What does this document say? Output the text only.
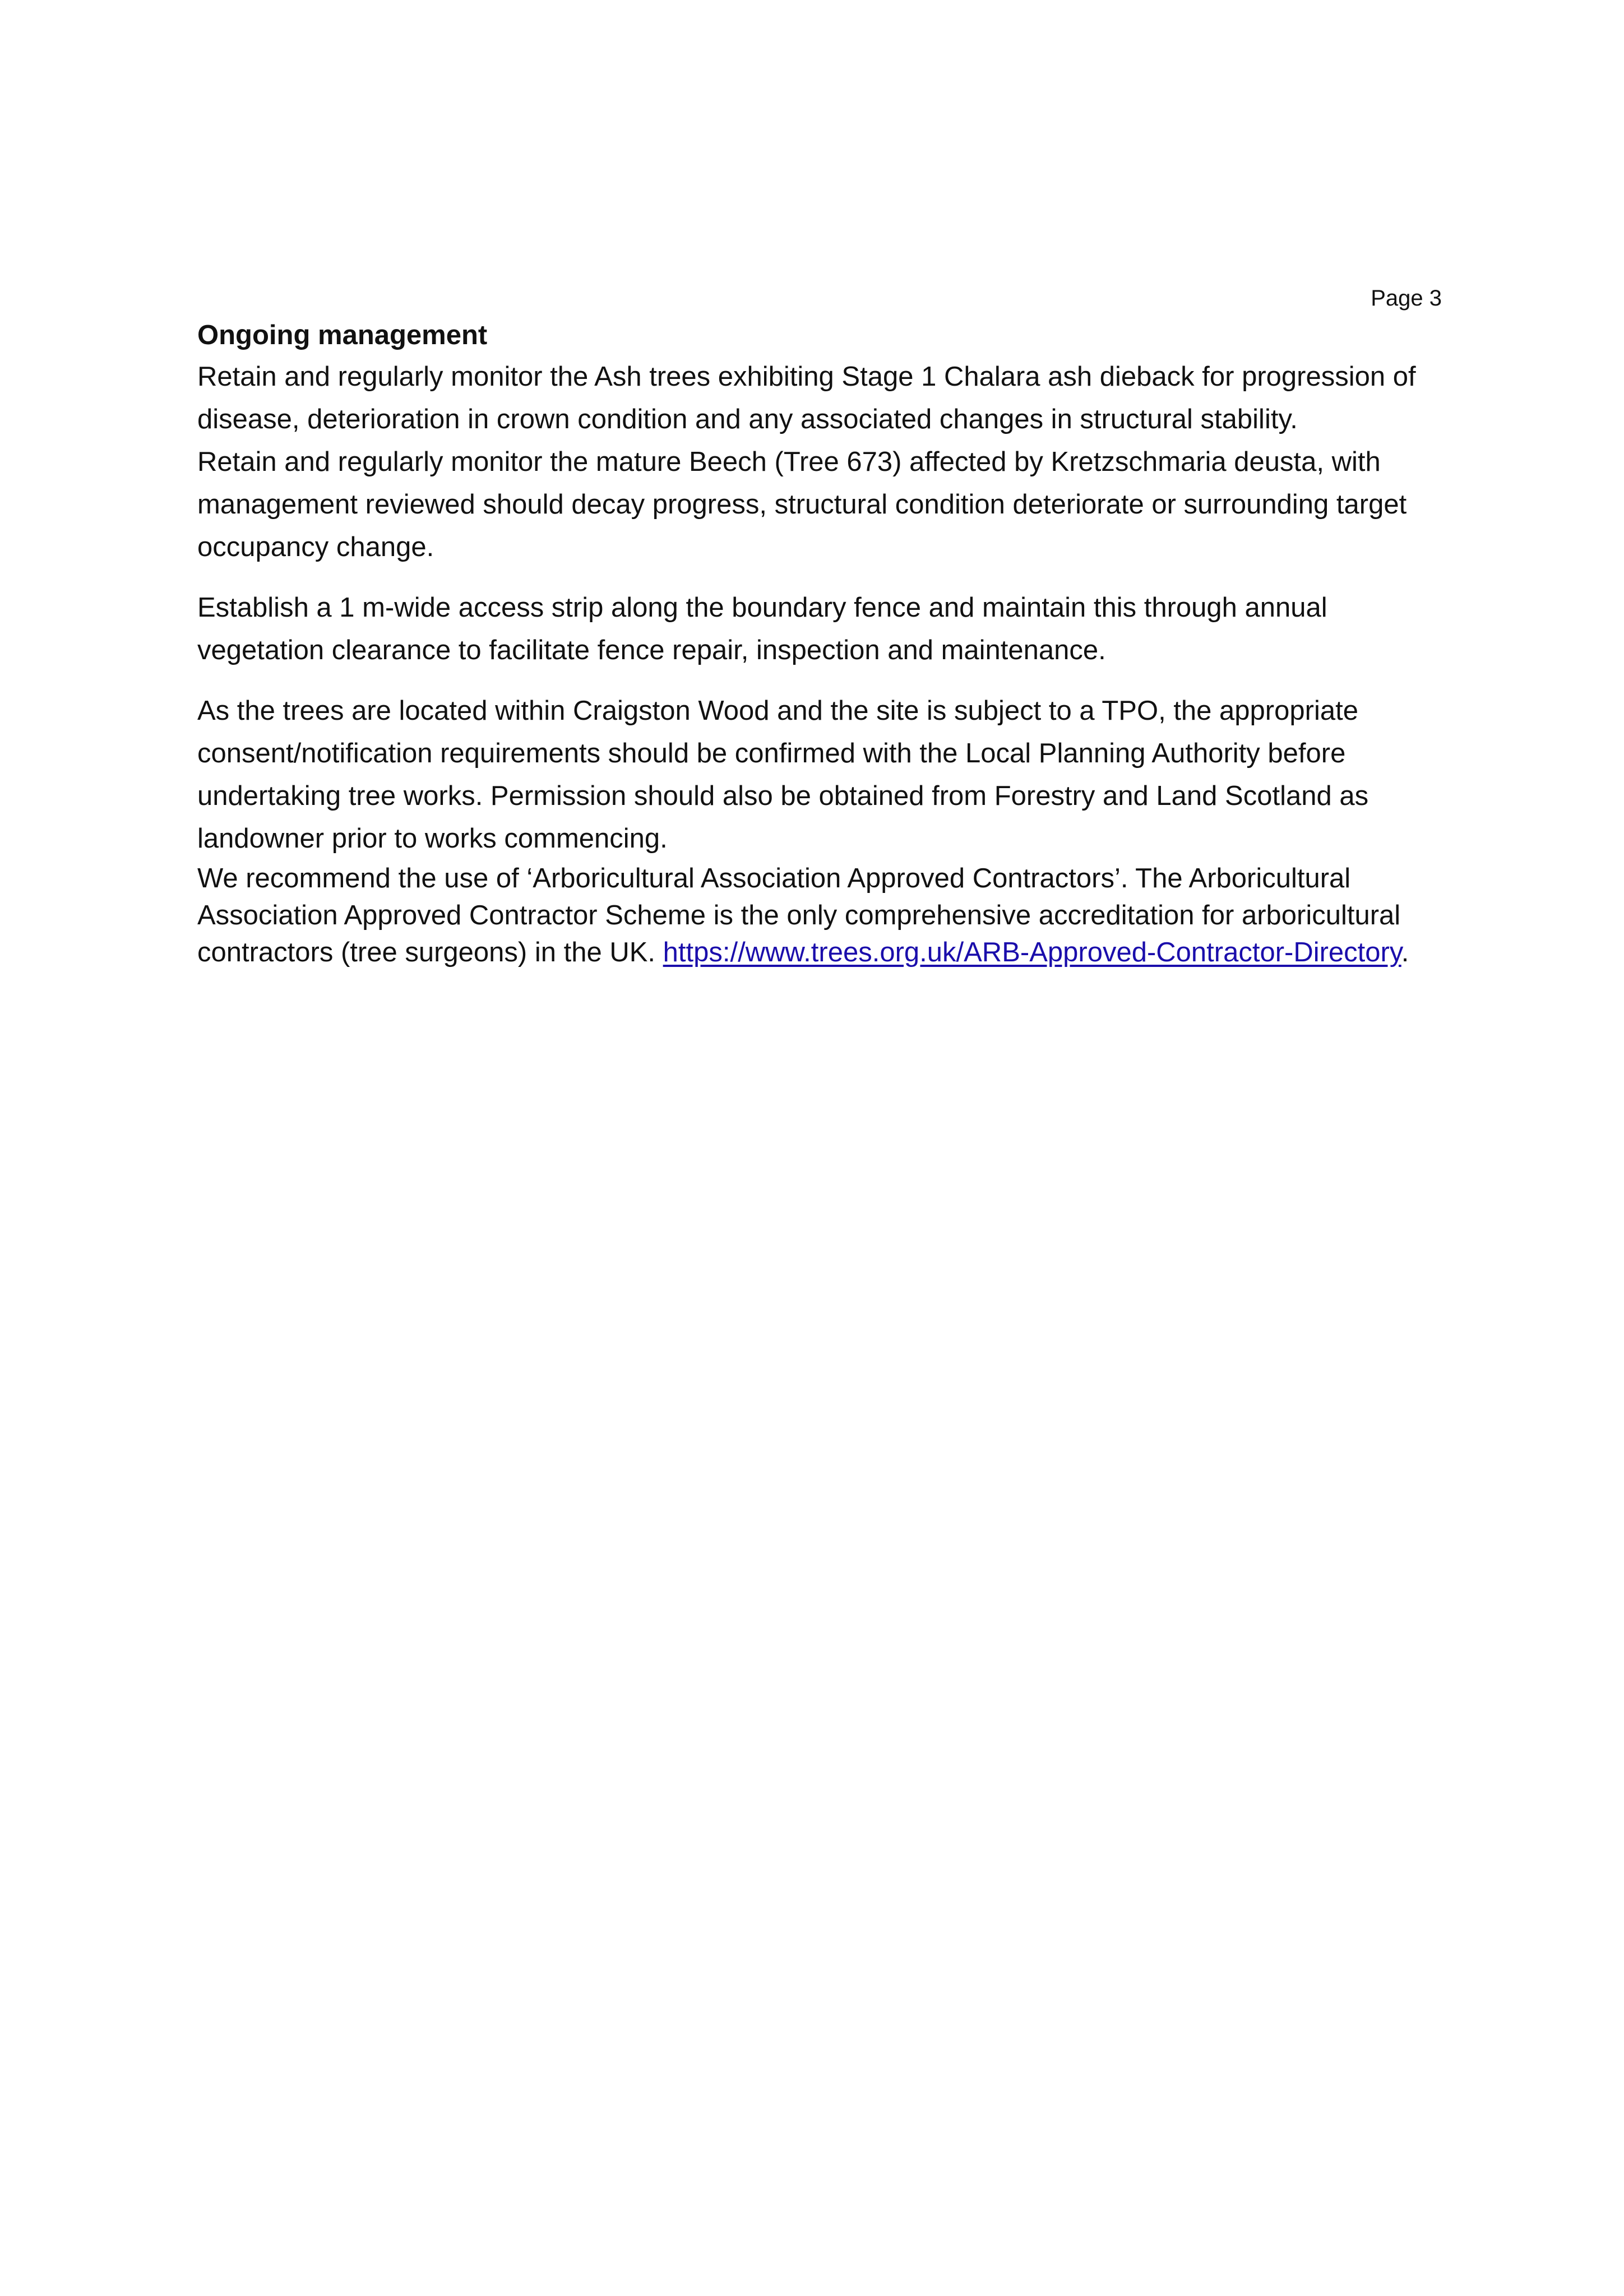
Page 3

Ongoing management

Retain and regularly monitor the Ash trees exhibiting Stage 1 Chalara ash dieback for progression of disease, deterioration in crown condition and any associated changes in structural stability.

Retain and regularly monitor the mature Beech (Tree 673) affected by Kretzschmaria deusta, with management reviewed should decay progress, structural condition deteriorate or surrounding target occupancy change.

Establish a 1 m-wide access strip along the boundary fence and maintain this through annual vegetation clearance to facilitate fence repair, inspection and maintenance.

As the trees are located within Craigston Wood and the site is subject to a TPO, the appropriate consent/notification requirements should be confirmed with the Local Planning Authority before undertaking tree works. Permission should also be obtained from Forestry and Land Scotland as landowner prior to works commencing.

We recommend the use of ‘Arboricultural Association Approved Contractors’. The Arboricultural Association Approved Contractor Scheme is the only comprehensive accreditation for arboricultural contractors (tree surgeons) in the UK. https://www.trees.org.uk/ARB-Approved-Contractor-Directory.
